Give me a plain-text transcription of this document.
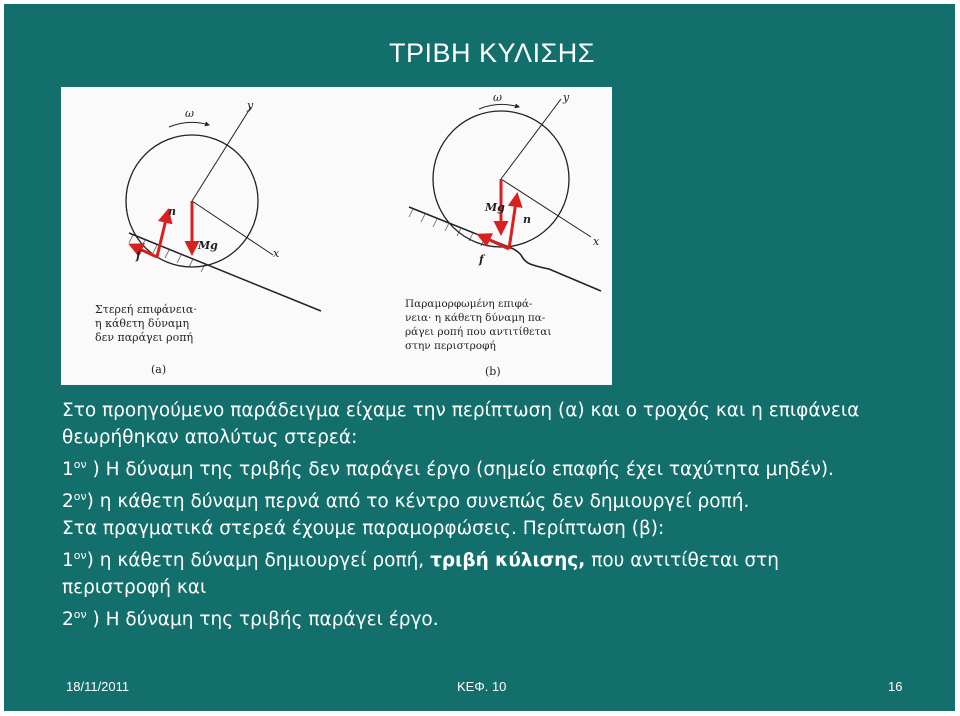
ΤΡΙΒΗ ΚΥΛΙΣΗΣ
ω
y
x
n
Mg
f
Στερεή επιφάνεια·
η κάθετη δύναμη
δεν παράγει ροπή
(a)
ω	y
x
n
Mg
f
Παραμορφωμένη επιφά-
νεια· η κάθετη δύναμη πα-
ράγει ροπή που αντιτίθεται
στην περιστροφή
(b)

Στο προηγούμενο παράδειγμα είχαμε την περίπτωση (α) και ο τροχός και η επιφάνεια θεωρήθηκαν απολύτως στερεά:

$1^{o\nu}$ ) Η δύναμη της τριβής δεν παράγει έργο (σημείο επαφής έχει ταχύτητα μηδέν).

$2^{o\nu}$) η κάθετη δύναμη περνά από το κέντρο συνεπώς δεν δημιουργεί ροπή.

Στα πραγματικά στερεά έχουμε παραμορφώσεις. Περίπτωση (β):

$1^{o\nu}$) η κάθετη δύναμη δημιουργεί ροπή, τριβή κύλισης, που αντιτίθεται στη περιστροφή και

$2^{o\nu}$ ) Η δύναμη της τριβής παράγει έργο.

18/11/2011	ΚΕΦ. 10	16
